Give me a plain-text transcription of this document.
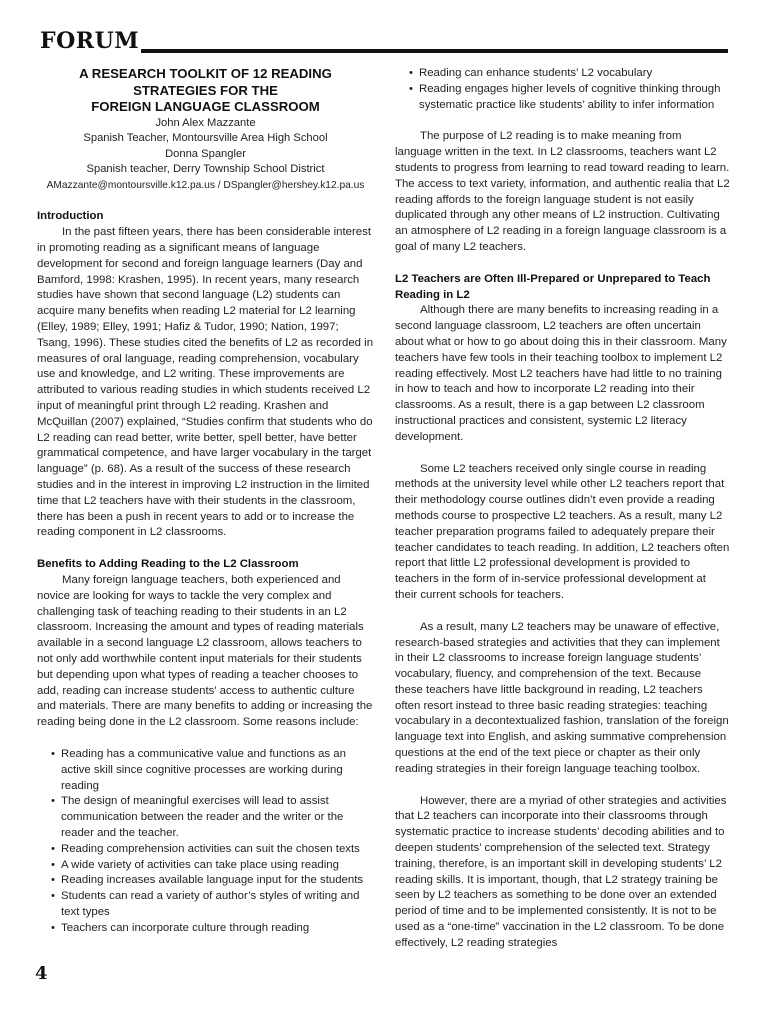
FORUM
A RESEARCH TOOLKIT OF 12 READING
STRATEGIES FOR THE
FOREIGN LANGUAGE CLASSROOM
John Alex Mazzante
Spanish Teacher, Montoursville Area High School
Donna Spangler
Spanish teacher, Derry Township School District
AMazzante@montoursville.k12.pa.us / DSpangler@hershey.k12.pa.us
Introduction

In the past fifteen years, there has been considerable interest in promoting reading as a significant means of language development for second and foreign language learners (Day and Bamford, 1998: Krashen, 1995). In recent years, many research studies have shown that second language (L2) students can acquire many benefits when reading L2 material for L2 learning (Elley, 1989; Elley, 1991; Hafiz & Tudor, 1990; Nation, 1997; Tsang, 1996). These studies cited the benefits of L2 as recorded in measures of oral language, reading comprehension, vocabulary use and knowledge, and L2 writing. These improvements are attributed to various reading studies in which students received L2 input of meaningful print through L2 reading. Krashen and McQuillan (2007) explained, “Studies confirm that students who do L2 reading can read better, write better, spell better, have better grammatical competence, and have larger vocabulary in the target language” (p. 68). As a result of the success of these research studies and in the interest in improving L2 instruction in the limited time that L2 teachers have with their students in the classroom, there has been a push in recent years to add or to increase the reading component in L2 classrooms.

Benefits to Adding Reading to the L2 Classroom

Many foreign language teachers, both experienced and novice are looking for ways to tackle the very complex and challenging task of teaching reading to their students in an L2 classroom. Increasing the amount and types of reading materials available in a second language L2 classroom, allows teachers to not only add worthwhile content input materials for their students but depending upon what types of reading a teacher chooses to add, reading can increase students’ access to authentic culture and materials. There are many benefits to adding or increasing the reading being done in the L2 classroom. Some reasons include:

• Reading has a communicative value and functions as an active skill since cognitive processes are working during reading
• The design of meaningful exercises will lead to assist communication between the reader and the writer or the reader and the teacher.
• Reading comprehension activities can suit the chosen texts
• A wide variety of activities can take place using reading
• Reading increases available language input for the students
• Students can read a variety of author’s styles of writing and text types
• Teachers can incorporate culture through reading
• Reading can enhance students’ L2 vocabulary
• Reading engages higher levels of cognitive thinking through systematic practice like students’ ability to infer information

The purpose of L2 reading is to make meaning from language written in the text. In L2 classrooms, teachers want L2 students to progress from learning to read toward reading to learn. The access to text variety, information, and authentic realia that L2 reading affords to the foreign language student is not easily duplicated through any other means of L2 instruction. Cultivating an atmosphere of L2 reading in a foreign language classroom is a goal of many L2 teachers.

L2 Teachers are Often Ill-Prepared or Unprepared to Teach Reading in L2

Although there are many benefits to increasing reading in a second language classroom, L2 teachers are often uncertain about what or how to go about doing this in their classroom. Many teachers have few tools in their teaching toolbox to implement L2 reading effectively. Most L2 teachers have had little to no training in how to teach and how to incorporate L2 reading into their classrooms. As a result, there is a gap between L2 classroom instructional practices and consistent, systemic L2 literacy development.

Some L2 teachers received only single course in reading methods at the university level while other L2 teachers report that their methodology course outlines didn’t even provide a reading methods course to prospective L2 teachers. As a result, many L2 teacher preparation programs failed to adequately prepare their teacher candidates to teach reading. In addition, L2 teachers often report that little L2 professional development is provided to teachers in the form of in-service professional development at their current schools for teachers.

As a result, many L2 teachers may be unaware of effective, research-based strategies and activities that they can implement in their L2 classrooms to increase foreign language students’ vocabulary, fluency, and comprehension of the text. Because these teachers have little background in reading, L2 teachers often resort instead to three basic reading strategies: teaching vocabulary in a decontextualized fashion, translation of the foreign language text into English, and asking summative comprehension questions at the end of the text piece or chapter as their only reading strategies in their foreign language teaching toolbox.

However, there are a myriad of other strategies and activities that L2 teachers can incorporate into their classrooms through systematic practice to increase students’ decoding abilities and to deepen students’ comprehension of the selected text. Strategy training, therefore, is an important skill in developing students’ L2 reading skills. It is important, though, that L2 strategy training be seen by L2 teachers as something to be done over an extended period of time and to be implemented consistently. It is not to be used as a “one-time” vaccination in the L2 classroom. To be done effectively, L2 reading strategies

4
